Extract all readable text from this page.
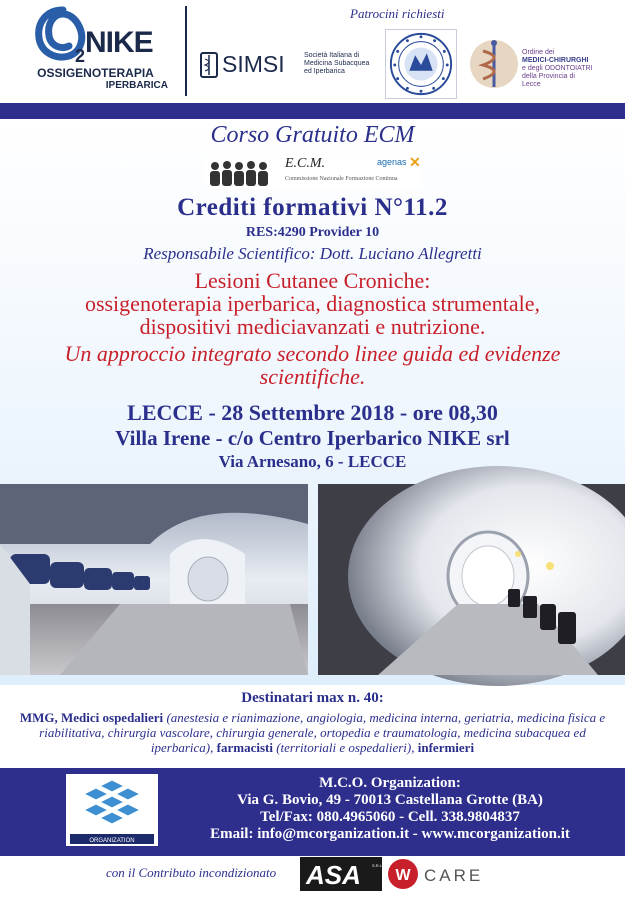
2 NIKE
OSSIGENOTERAPIA
IPERBARICA
Patrocini richiesti
SIMSI	Società Italiana di Medicina Subacquea ed Iperbarica
Ordine dei
MEDICI-CHIRURGHI
e degli ODONTOIATRI
della Provincia di Lecce
Corso Gratuito ECM
E.C.M.
Commissione Nazionale Formazione Continua
agenas ✕
Crediti formativi N°11.2
RES:4290 Provider 10
Responsabile Scientifico: Dott. Luciano Allegretti
Lesioni Cutanee Croniche:
ossigenoterapia iperbarica, diagnostica strumentale,
dispositivi mediciavanzati e nutrizione.
Un approccio integrato secondo linee guida ed evidenze
scientifiche.
LECCE - 28 Settembre 2018 - ore 08,30
Villa Irene - c/o Centro Iperbarico NIKE srl
Via Arnesano, 6 - LECCE
Destinatari max n. 40:
MMG, Medici ospedalieri (anestesia e rianimazione, angiologia, medicina interna, geriatria, medicina fisica e riabilitativa, chirurgia vascolare, chirurgia generale, ortopedia e traumatologia, medicina subacquea ed iperbarica), farmacisti (territoriali e ospedalieri), infermieri
ORGANIZATION
M.C.O. Organization:
Via G. Bovio, 49 - 70013 Castellana Grotte (BA)
Tel/Fax: 080.4965060 - Cell. 338.9804837
Email: info@mcorganization.it - www.mcorganization.it
con il Contributo incondizionato ASA	S.R.L.
W CARE
